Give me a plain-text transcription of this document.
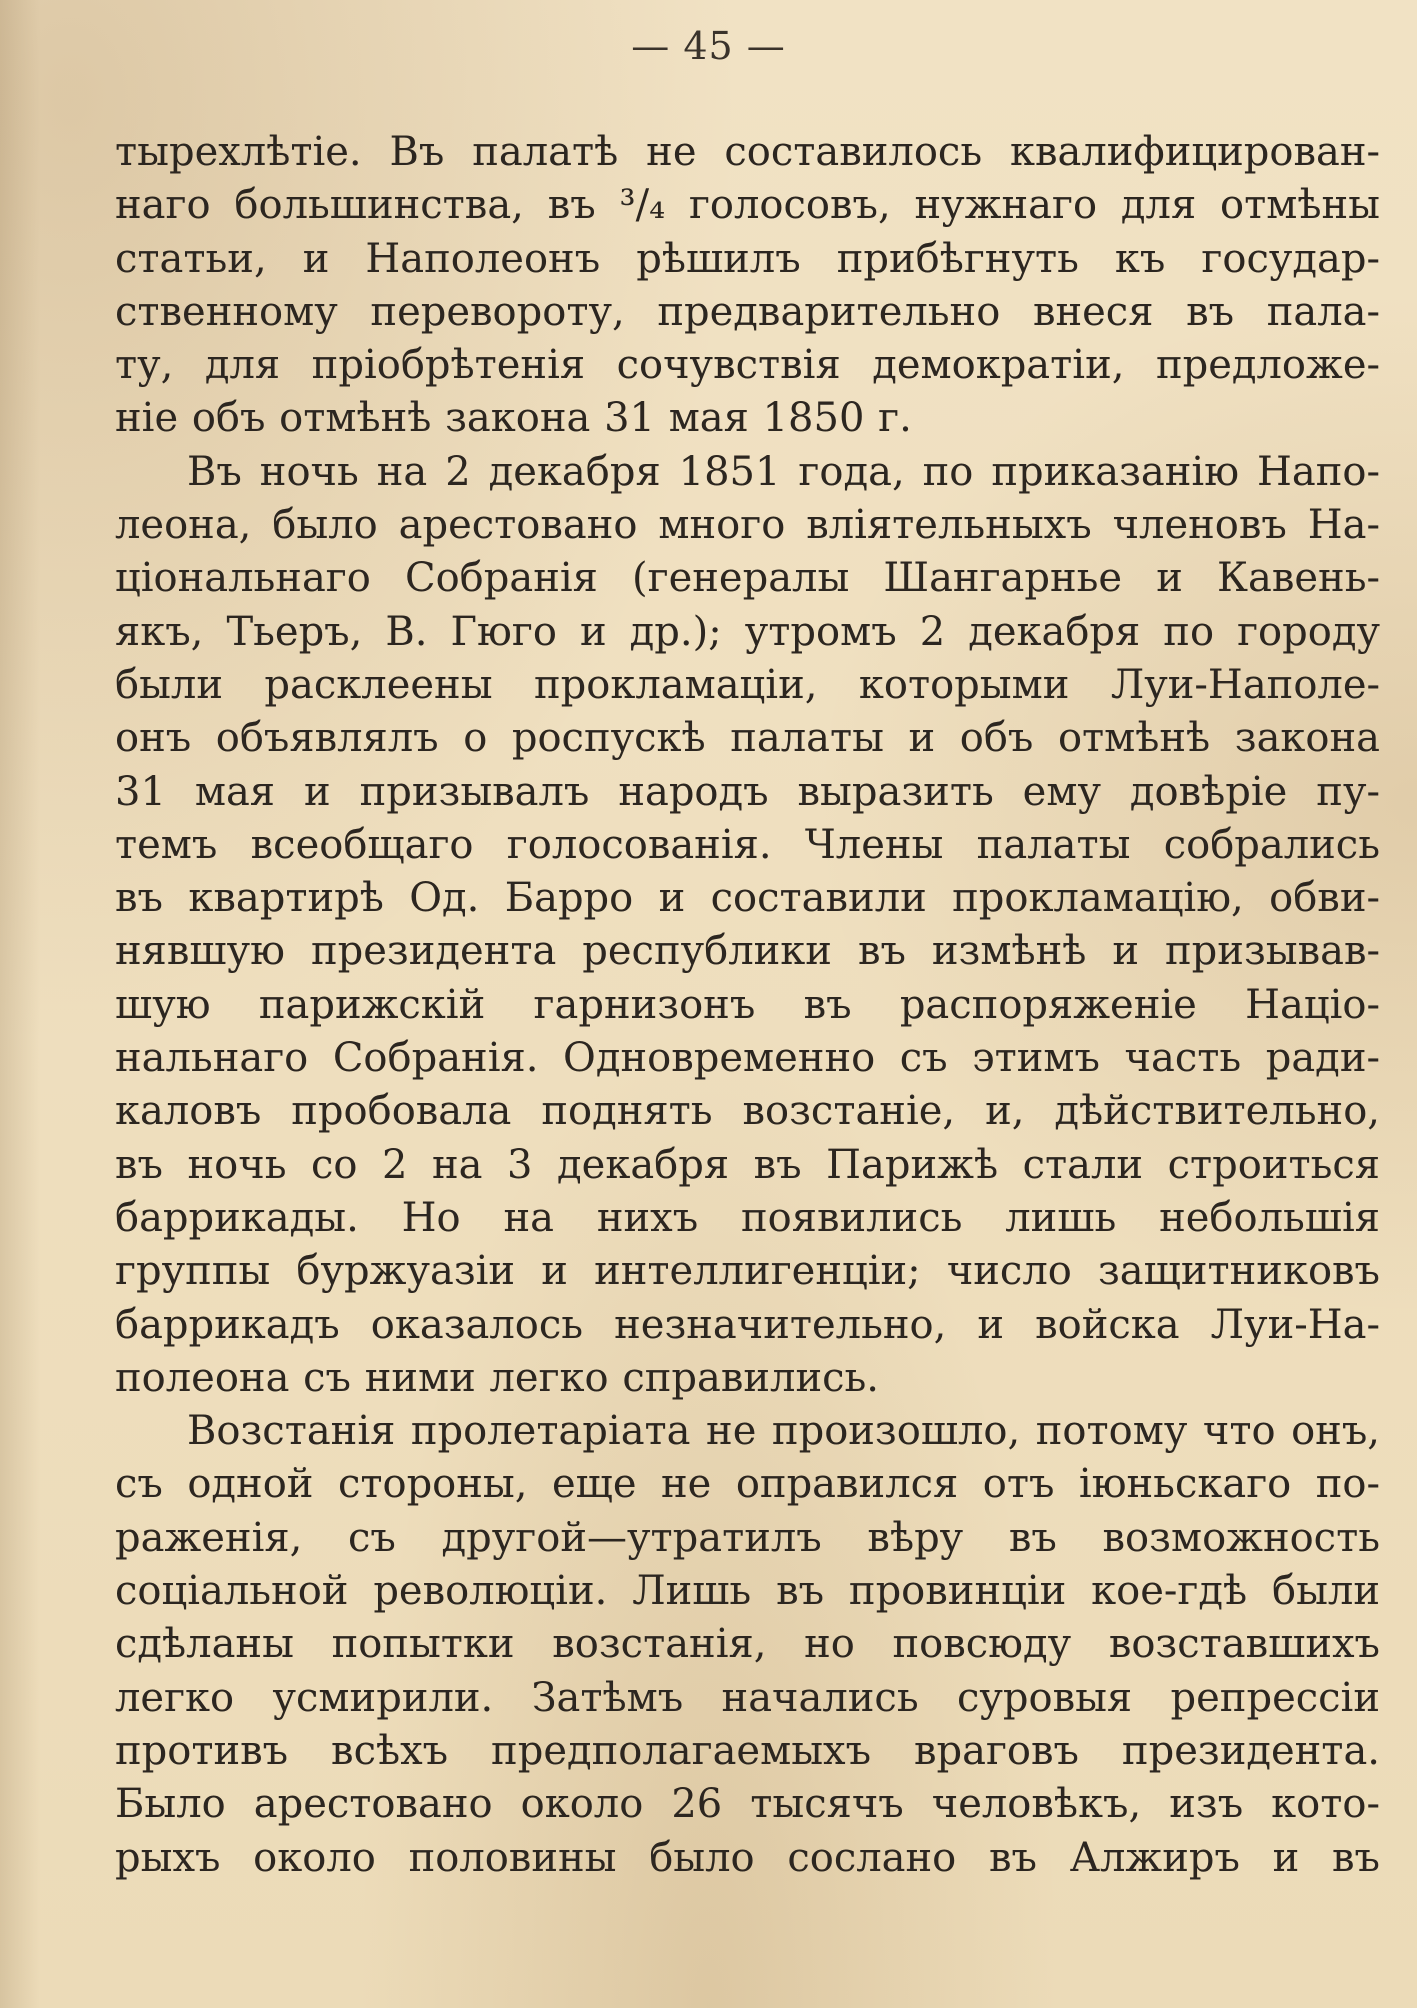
— 45 —
тырехлѣтіе. Въ палатѣ не составилось квалифицирован-
наго большинства, въ ³/₄ голосовъ, нужнаго для отмѣны
статьи, и Наполеонъ рѣшилъ прибѣгнуть къ государ-
ственному перевороту, предварительно внеся въ пала-
ту, для пріобрѣтенія сочувствія демократіи, предложе-
ніе объ отмѣнѣ закона 31 мая 1850 г.
Въ ночь на 2 декабря 1851 года, по приказанію Напо-
леона, было арестовано много вліятельныхъ членовъ На-
ціональнаго Собранія (генералы Шангарнье и Кавень-
якъ, Тьеръ, В. Гюго и др.); утромъ 2 декабря по городу
были расклеены прокламаціи, которыми Луи-Наполе-
онъ объявлялъ о роспускѣ палаты и объ отмѣнѣ закона
31 мая и призывалъ народъ выразить ему довѣріе пу-
темъ всеобщаго голосованія. Члены палаты собрались
въ квартирѣ Од. Барро и составили прокламацію, обви-
нявшую президента республики въ измѣнѣ и призывав-
шую парижскій гарнизонъ въ распоряженіе Націо-
нальнаго Собранія. Одновременно съ этимъ часть ради-
каловъ пробовала поднять возстаніе, и, дѣйствительно,
въ ночь со 2 на 3 декабря въ Парижѣ стали строиться
баррикады. Но на нихъ появились лишь небольшія
группы буржуазіи и интеллигенціи; число защитниковъ
баррикадъ оказалось незначительно, и войска Луи-На-
полеона съ ними легко справились.
Возстанія пролетаріата не произошло, потому что онъ,
съ одной стороны, еще не оправился отъ іюньскаго по-
раженія, съ другой—утратилъ вѣру въ возможность
соціальной революціи. Лишь въ провинціи кое-гдѣ были
сдѣланы попытки возстанія, но повсюду возставшихъ
легко усмирили. Затѣмъ начались суровыя репрессіи
противъ всѣхъ предполагаемыхъ враговъ президента.
Было арестовано около 26 тысячъ человѣкъ, изъ кото-
рыхъ около половины было сослано въ Алжиръ и въ
